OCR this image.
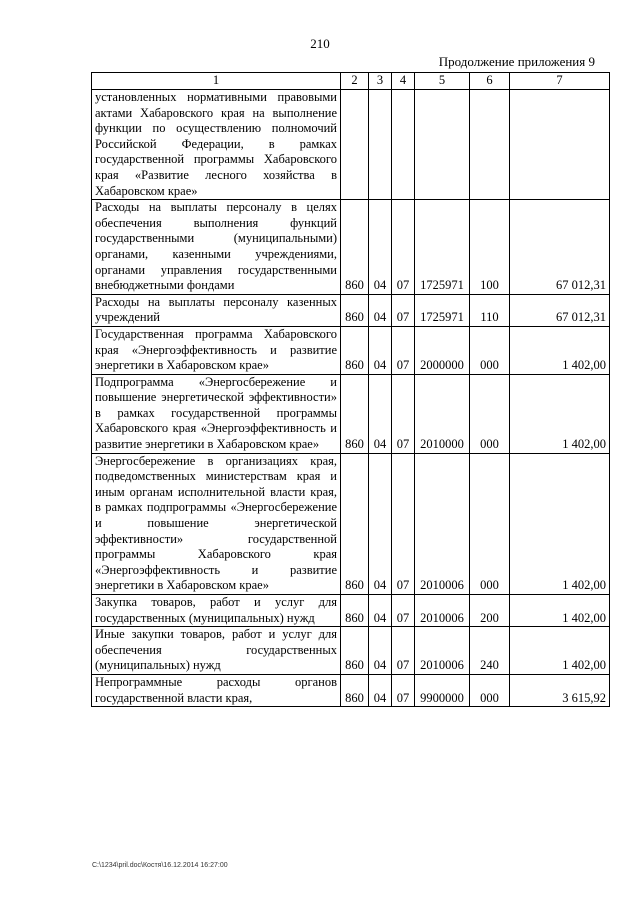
210
Продолжение приложения 9
1	2	3	4	5	6	7
установленных нормативными правовыми актами Хабаровского края на выполнение функции по осуществлению полномочий Российской Федерации, в рамках государственной программы Хабаровского края «Развитие лесного хозяйства в Хабаровском крае»						
Расходы на выплаты персоналу в целях обеспечения выполнения функций государственными (муниципальными) органами, казенными учреждениями, органами управления государственными внебюджетными фондами	860	04	07	1725971	100	67 012,31
Расходы на выплаты персоналу казенных учреждений	860	04	07	1725971	110	67 012,31
Государственная программа Хабаровского края «Энергоэффективность и развитие энергетики в Хабаровском крае»	860	04	07	2000000	000	1 402,00
Подпрограмма «Энергосбережение и повышение энергетической эффективности» в рамках государственной программы Хабаровского края «Энергоэффективность и развитие энергетики в Хабаровском крае»	860	04	07	2010000	000	1 402,00
Энергосбережение в организациях края, подведомственных министерствам края и иным органам исполнительной власти края, в рамках подпрограммы «Энергосбережение и повышение энергетической эффективности» государственной программы Хабаровского края «Энергоэффективность и развитие энергетики в Хабаровском крае»	860	04	07	2010006	000	1 402,00
Закупка товаров, работ и услуг для государственных (муниципальных) нужд	860	04	07	2010006	200	1 402,00
Иные закупки товаров, работ и услуг для обеспечения государственных (муниципальных) нужд	860	04	07	2010006	240	1 402,00
Непрограммные расходы органов государственной власти края,	860	04	07	9900000	000	3 615,92
C:\1234\pril.doc\Костя\16.12.2014 16:27:00
